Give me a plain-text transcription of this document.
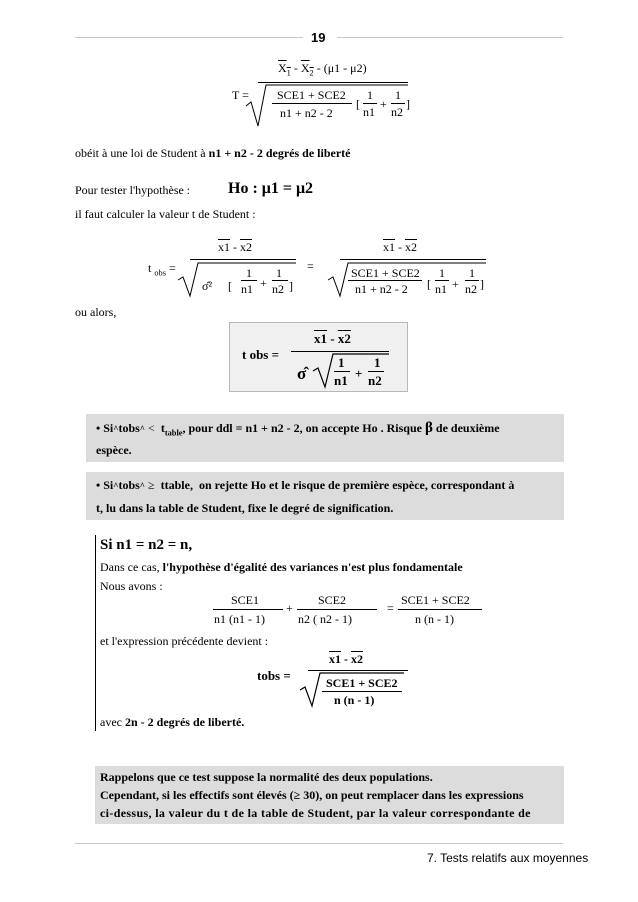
19
T =
$X_1 - X_2 - (\mu 1 - \mu 2)$
SCE1 + SCE2
n1 + n2 - 2
[
1
n1
+
1
n2
]
obéit à une loi de Student à n1 + n2 - 2 degrés de liberté
Pour tester l'hypothèse : Ho : μ1 = μ2
il faut calculer la valeur t de Student :
t $_{obs}$ =
x1 - x2
σ̂² [
1
n1 +
1
n2 ]
=
x1 - x2
SCE1 + SCE2
n1 + n2 - 2 [
1
n1 +
1
n2 ]
ou alors,
t obs =
x1 - x2
σ̂
1
n1 +
1
n2
• Si^tobs^ <  $t_{table}$, pour ddl = n1 + n2 - 2, on accepte Ho . Risque β de deuxième
espèce.
• Si^tobs^ ≥ ttable, on rejette Ho et le risque de première espèce, correspondant à
t, lu dans la table de Student, fixe le degré de signification.
Si n1 = n2 = n,
Dans ce cas, l'hypothèse d'égalité des variances n'est plus fondamentale
Nous avons :
SCE1
n1 (n1 - 1)
+
SCE2
n2 ( n2 - 1)
=
SCE1 + SCE2
n (n - 1)
et l'expression précédente devient :
tobs =
x1 - x2
SCE1 + SCE2
n (n - 1)
avec 2n - 2 degrés de liberté.
Rappelons que ce test suppose la normalité des deux populations.
Cependant, si les effectifs sont élevés (≥ 30), on peut remplacer dans les expressions
ci-dessus, la valeur du t de la table de Student, par la valeur correspondante de
7. Tests relatifs aux moyennes
